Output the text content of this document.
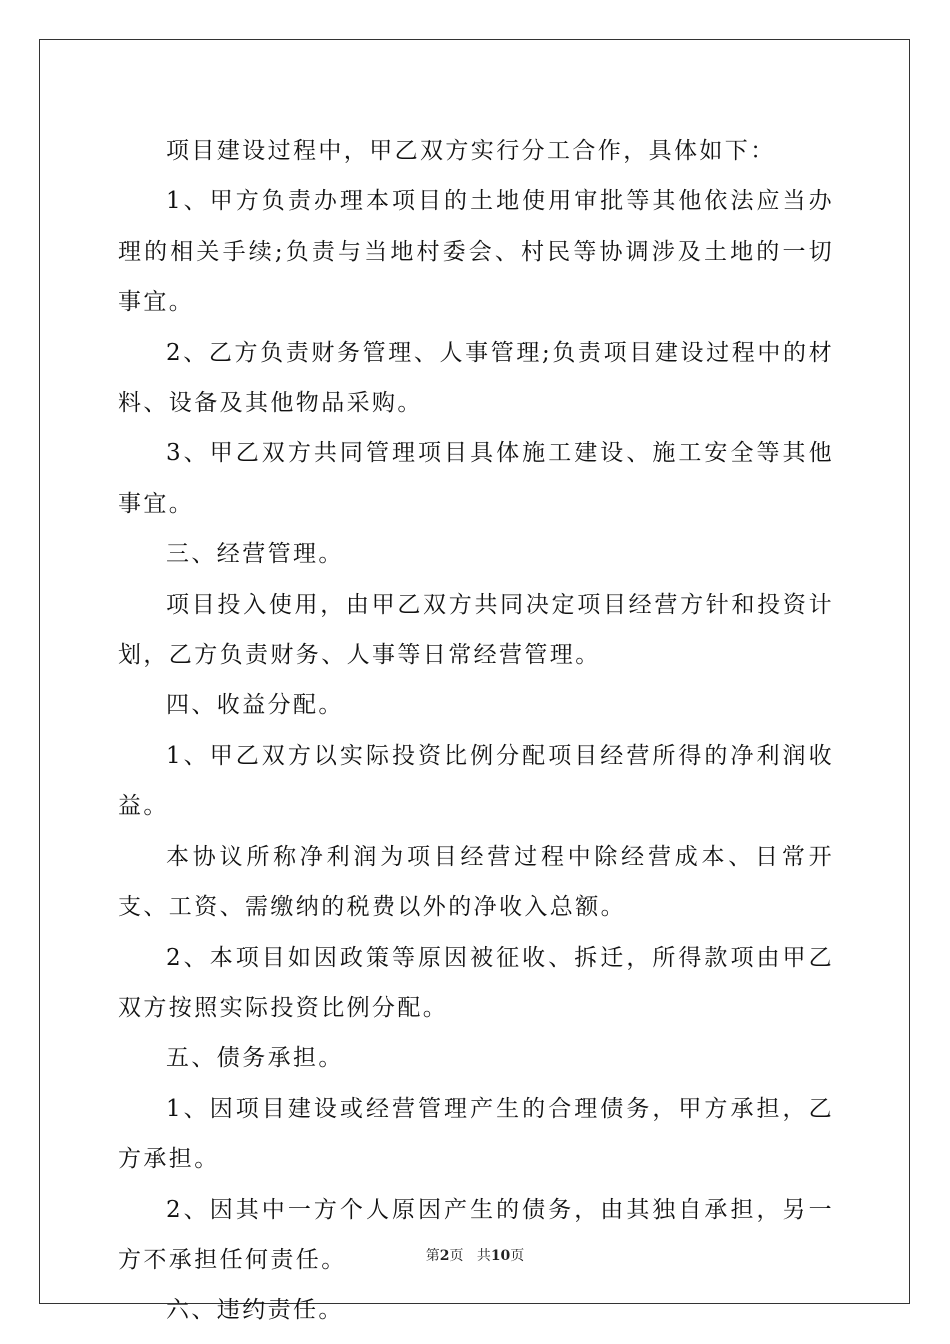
项目建设过程中，甲乙双方实行分工合作，具体如下：

1、甲方负责办理本项目的土地使用审批等其他依法应当办理的相关手续;负责与当地村委会、村民等协调涉及土地的一切事宜。

2、乙方负责财务管理、人事管理;负责项目建设过程中的材料、设备及其他物品采购。

3、甲乙双方共同管理项目具体施工建设、施工安全等其他事宜。

三、经营管理。

项目投入使用，由甲乙双方共同决定项目经营方针和投资计划，乙方负责财务、人事等日常经营管理。

四、收益分配。

1、甲乙双方以实际投资比例分配项目经营所得的净利润收益。

本协议所称净利润为项目经营过程中除经营成本、日常开支、工资、需缴纳的税费以外的净收入总额。

2、本项目如因政策等原因被征收、拆迁，所得款项由甲乙双方按照实际投资比例分配。

五、债务承担。

1、因项目建设或经营管理产生的合理债务，甲方承担，乙方承担。

2、因其中一方个人原因产生的债务，由其独自承担，另一方不承担任何责任。

六、违约责任。

第2页 共10页
